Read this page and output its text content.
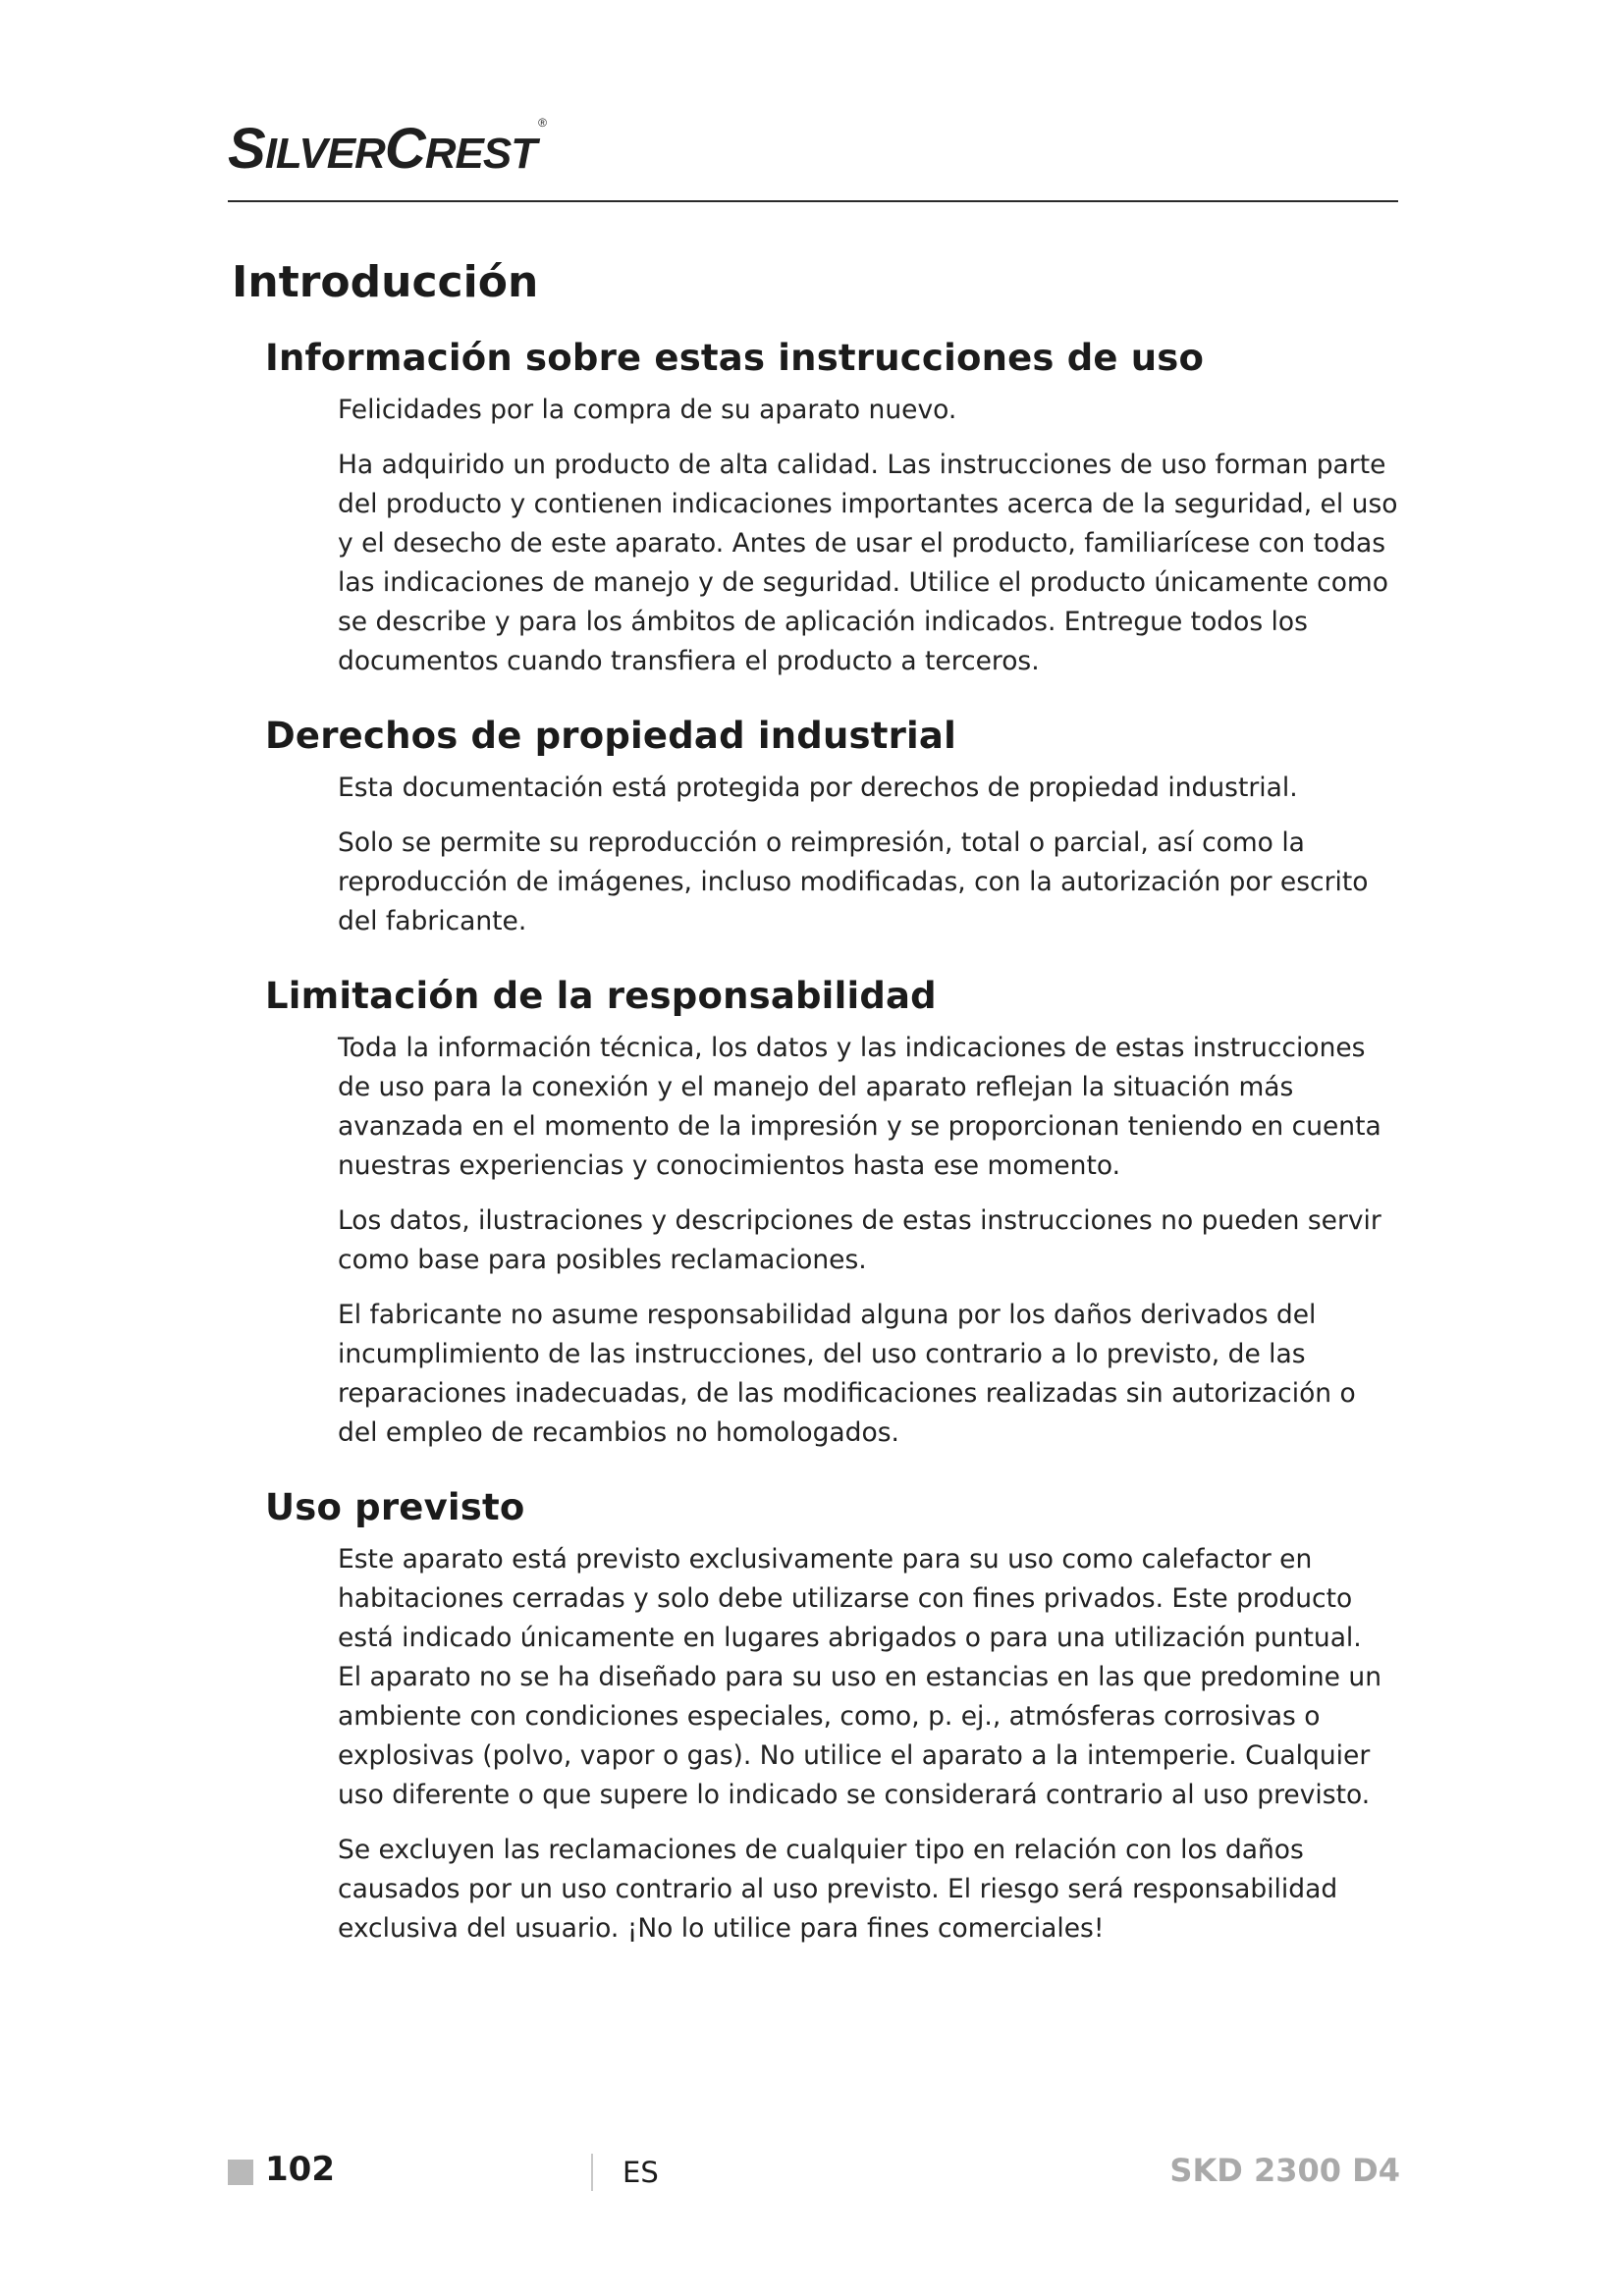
SILVERCREST®
Introducción
Información sobre estas instrucciones de uso

Felicidades por la compra de su aparato nuevo.

Ha adquirido un producto de alta calidad. Las instrucciones de uso forman parte del producto y contienen indicaciones importantes acerca de la seguridad, el uso y el desecho de este aparato. Antes de usar el producto, familiarícese con todas las indicaciones de manejo y de seguridad. Utilice el producto únicamente como se describe y para los ámbitos de aplicación indicados. Entregue todos los documentos cuando transfiera el producto a terceros.

Derechos de propiedad industrial

Esta documentación está protegida por derechos de propiedad industrial.

Solo se permite su reproducción o reimpresión, total o parcial, así como la reproducción de imágenes, incluso modificadas, con la autorización por escrito del fabricante.

Limitación de la responsabilidad

Toda la información técnica, los datos y las indicaciones de estas instrucciones de uso para la conexión y el manejo del aparato reflejan la situación más avanzada en el momento de la impresión y se proporcionan teniendo en cuenta nuestras experiencias y conocimientos hasta ese momento.

Los datos, ilustraciones y descripciones de estas instrucciones no pueden servir como base para posibles reclamaciones.

El fabricante no asume responsabilidad alguna por los daños derivados del incumplimiento de las instrucciones, del uso contrario a lo previsto, de las reparaciones inadecuadas, de las modificaciones realizadas sin autorización o del empleo de recambios no homologados.

Uso previsto

Este aparato está previsto exclusivamente para su uso como calefactor en habitaciones cerradas y solo debe utilizarse con fines privados. Este producto está indicado únicamente en lugares abrigados o para una utilización puntual.

El aparato no se ha diseñado para su uso en estancias en las que predomine un ambiente con condiciones especiales, como, p. ej., atmósferas corrosivas o explosivas (polvo, vapor o gas). No utilice el aparato a la intemperie. Cualquier uso diferente o que supere lo indicado se considerará contrario al uso previsto.

Se excluyen las reclamaciones de cualquier tipo en relación con los daños causados por un uso contrario al uso previsto. El riesgo será responsabilidad exclusiva del usuario. ¡No lo utilice para fines comerciales!

102	ES	SKD 2300 D4
